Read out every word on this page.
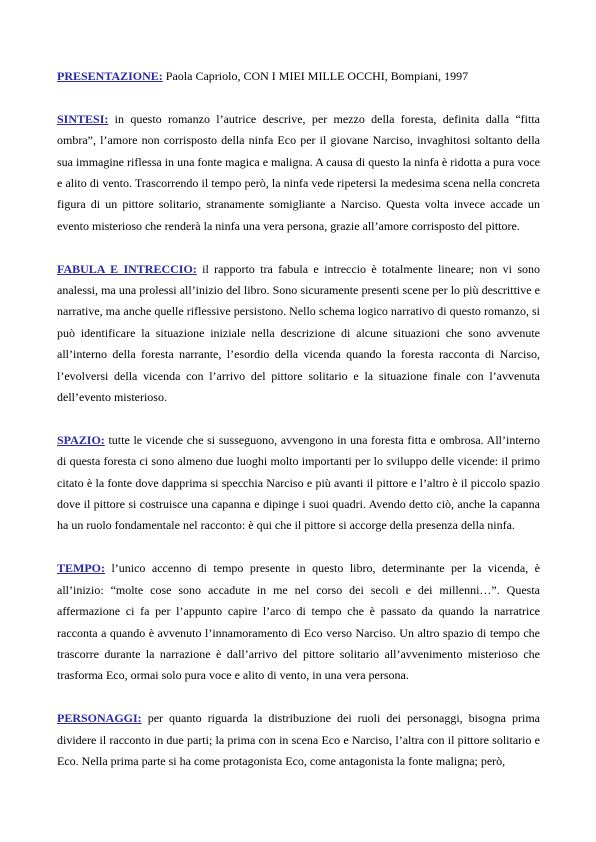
PRESENTAZIONE: Paola Capriolo, CON I MIEI MILLE OCCHI, Bompiani, 1997

SINTESI: in questo romanzo l’autrice descrive, per mezzo della foresta, definita dalla “fitta ombra”, l’amore non corrisposto della ninfa Eco per il giovane Narciso, invaghitosi soltanto della sua immagine riflessa in una fonte magica e maligna. A causa di questo la ninfa è ridotta a pura voce e alito di vento. Trascorrendo il tempo però, la ninfa vede ripetersi la medesima scena nella concreta figura di un pittore solitario, stranamente somigliante a Narciso. Questa volta invece accade un evento misterioso che renderà la ninfa una vera persona, grazie all’amore corrisposto del pittore.

FABULA E INTRECCIO: il rapporto tra fabula e intreccio è totalmente lineare; non vi sono analessi, ma una prolessi all’inizio del libro. Sono sicuramente presenti scene per lo più descrittive e narrative, ma anche quelle riflessive persistono. Nello schema logico narrativo di questo romanzo, si può identificare la situazione iniziale nella descrizione di alcune situazioni che sono avvenute all’interno della foresta narrante, l’esordio della vicenda quando la foresta racconta di Narciso, l’evolversi della vicenda con l’arrivo del pittore solitario e la situazione finale con l’avvenuta dell’evento misterioso.

SPAZIO: tutte le vicende che si susseguono, avvengono in una foresta fitta e ombrosa. All’interno di questa foresta ci sono almeno due luoghi molto importanti per lo sviluppo delle vicende: il primo citato è la fonte dove dapprima si specchia Narciso e più avanti il pittore e l’altro è il piccolo spazio dove il pittore si costruisce una capanna e dipinge i suoi quadri. Avendo detto ciò, anche la capanna ha un ruolo fondamentale nel racconto: è qui che il pittore si accorge della presenza della ninfa.

TEMPO: l’unico accenno di tempo presente in questo libro, determinante per la vicenda, è all’inizio: “molte cose sono accadute in me nel corso dei secoli e dei millenni…”. Questa affermazione ci fa per l’appunto capire l’arco di tempo che è passato da quando la narratrice racconta a quando è avvenuto l’innamoramento di Eco verso Narciso. Un altro spazio di tempo che trascorre durante la narrazione è dall’arrivo del pittore solitario all’avvenimento misterioso che trasforma Eco, ormai solo pura voce e alito di vento, in una vera persona.

PERSONAGGI: per quanto riguarda la distribuzione dei ruoli dei personaggi, bisogna prima dividere il racconto in due parti; la prima con in scena Eco e Narciso, l’altra con il pittore solitario e Eco. Nella prima parte si ha come protagonista Eco, come antagonista la fonte maligna; però,
